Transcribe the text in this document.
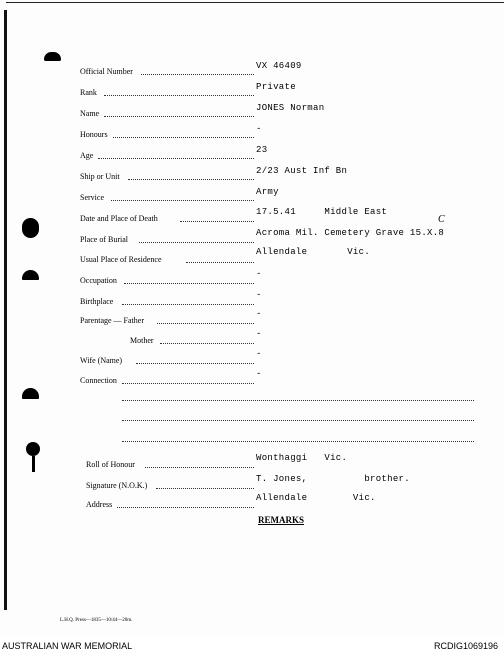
Official Number
VX 46409
Rank
Private
Name
JONES Norman
Honours
-
Age
23
Ship or Unit
2/23 Aust Inf Bn
Service
Army
Date and Place of Death
17.5.41     Middle East
Place of Burial
Acroma Mil. Cemetery Grave 15.X.8
C
Usual Place of Residence
Allendale       Vic.
Occupation
-
Birthplace
-
Parentage — Father
-
Mother
-
Wife (Name)
-
Connection
-
Roll of Honour
Wonthaggi   Vic.
Signature (N.O.K.)
T. Jones,          brother.
Address
Allendale        Vic.
REMARKS
L.H.Q. Press—1835—10/44—20m.
AUSTRALIAN WAR MEMORIAL	RCDIG1069196
